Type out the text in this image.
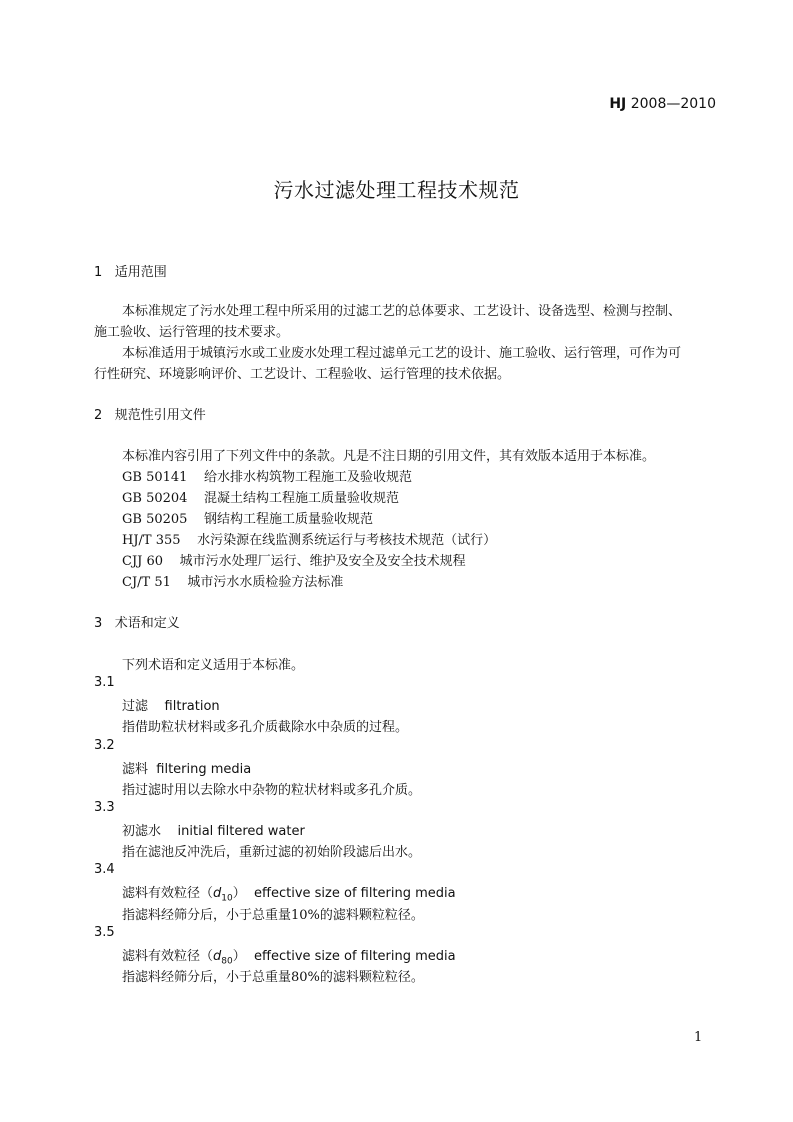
HJ 2008—2010
污水过滤处理工程技术规范
1 适用范围
本标准规定了污水处理工程中所采用的过滤工艺的总体要求、工艺设计、设备选型、检测与控制、
施工验收、运行管理的技术要求。
本标准适用于城镇污水或工业废水处理工程过滤单元工艺的设计、施工验收、运行管理，可作为可
行性研究、环境影响评价、工艺设计、工程验收、运行管理的技术依据。
2 规范性引用文件
本标准内容引用了下列文件中的条款。凡是不注日期的引用文件，其有效版本适用于本标准。
GB 50141 给水排水构筑物工程施工及验收规范
GB 50204 混凝土结构工程施工质量验收规范
GB 50205 钢结构工程施工质量验收规范
HJ/T 355 水污染源在线监测系统运行与考核技术规范（试行）
CJJ 60 城市污水处理厂运行、维护及安全及安全技术规程
CJ/T 51 城市污水水质检验方法标准
3 术语和定义
下列术语和定义适用于本标准。
3.1
过滤 filtration
指借助粒状材料或多孔介质截除水中杂质的过程。
3.2
滤料 filtering media
指过滤时用以去除水中杂物的粒状材料或多孔介质。
3.3
初滤水 initial filtered water
指在滤池反冲洗后，重新过滤的初始阶段滤后出水。
3.4
滤料有效粒径$(d_{10})$ effective size of filtering media
指滤料经筛分后，小于总重量10%的滤料颗粒粒径。
3.5
滤料有效粒径$(d_{80})$ effective size of filtering media
指滤料经筛分后，小于总重量80%的滤料颗粒粒径。
1
